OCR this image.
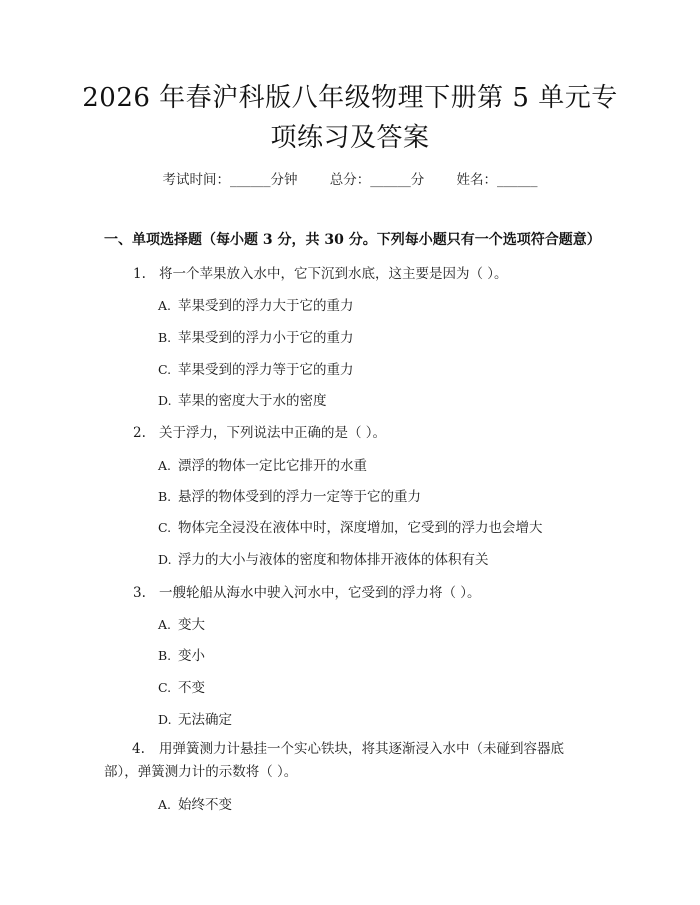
2026 年春沪科版八年级物理下册第 5 单元专项练习及答案
考试时间：______分钟 总分：______分 姓名：______
一、单项选择题（每小题 3 分，共 30 分。下列每小题只有一个选项符合题意）
1. 将一个苹果放入水中，它下沉到水底，这主要是因为（ ）。
A. 苹果受到的浮力大于它的重力
B. 苹果受到的浮力小于它的重力
C. 苹果受到的浮力等于它的重力
D. 苹果的密度大于水的密度
2. 关于浮力，下列说法中正确的是（ ）。
A. 漂浮的物体一定比它排开的水重
B. 悬浮的物体受到的浮力一定等于它的重力
C. 物体完全浸没在液体中时，深度增加，它受到的浮力也会增大
D. 浮力的大小与液体的密度和物体排开液体的体积有关
3. 一艘轮船从海水中驶入河水中，它受到的浮力将（ ）。
A. 变大
B. 变小
C. 不变
D. 无法确定
4. 用弹簧测力计悬挂一个实心铁块，将其逐渐浸入水中（未碰到容器底部），弹簧测力计的示数将（ ）。
A. 始终不变
